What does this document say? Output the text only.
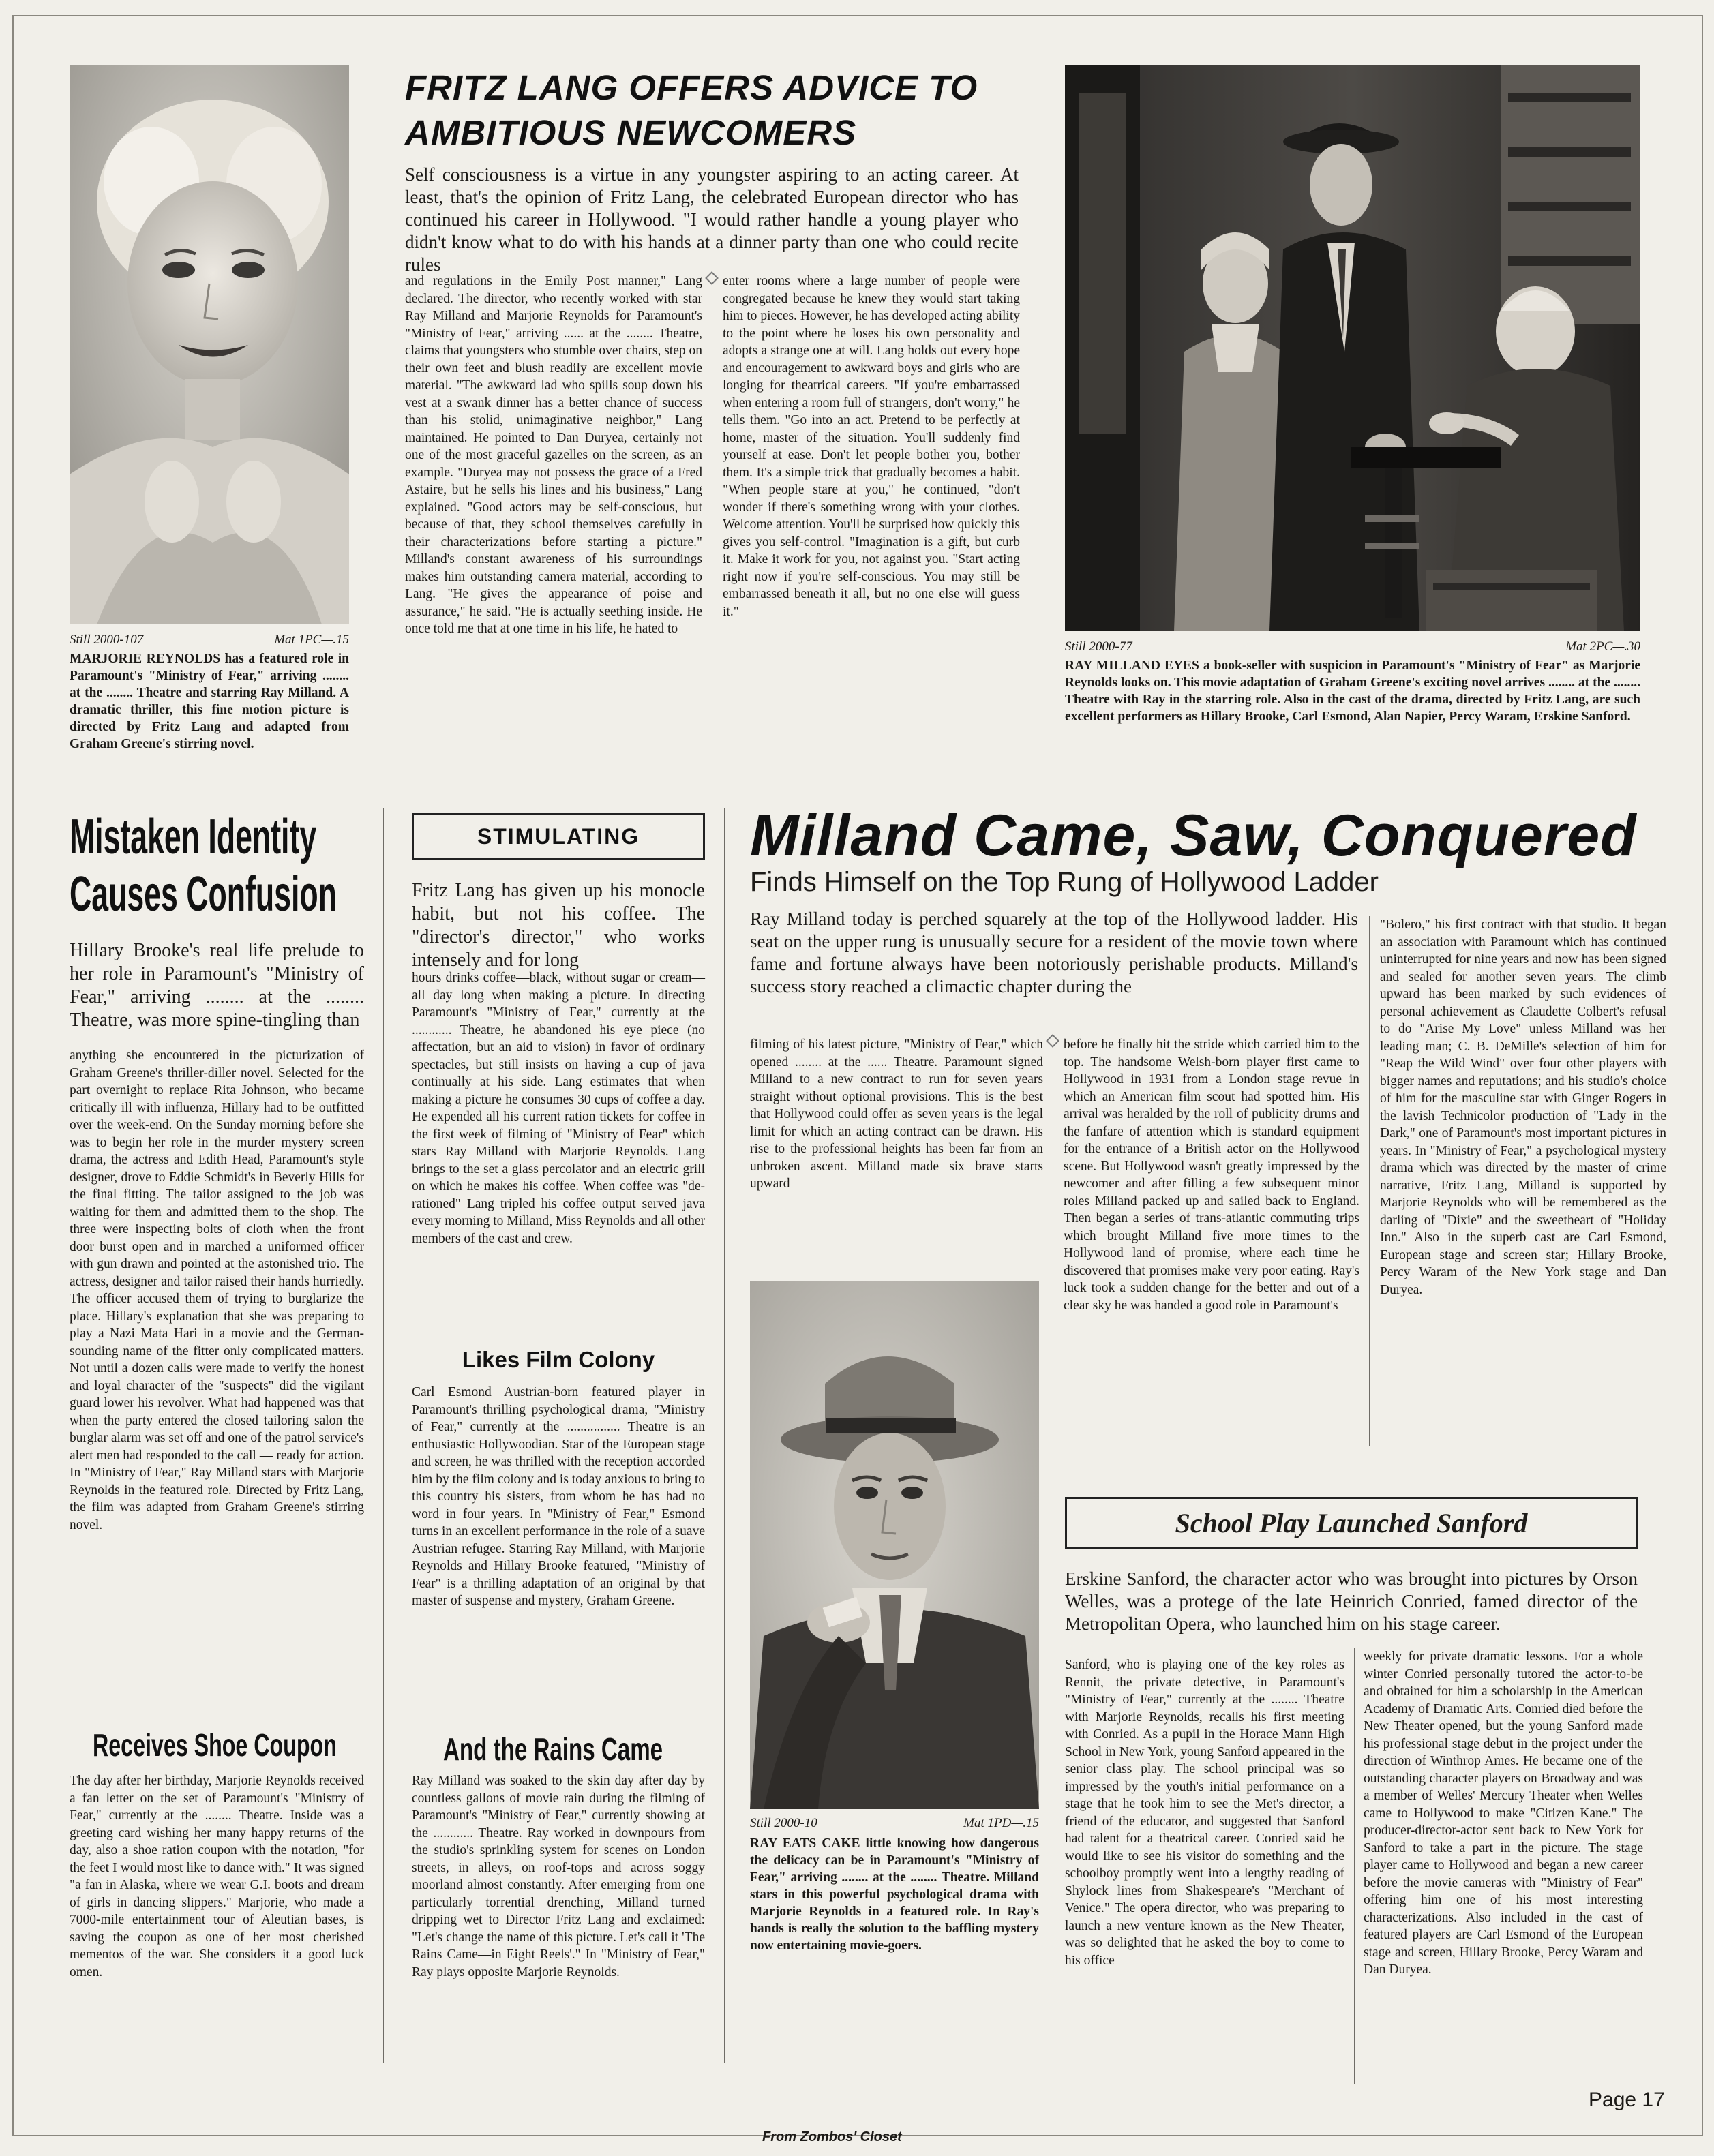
Still 2000-107	Mat 1PC—.15
MARJORIE REYNOLDS has a featured role in Paramount's "Ministry of Fear," arriving ........ at the ........ Theatre and starring Ray Milland. A dramatic thriller, this fine motion picture is directed by Fritz Lang and adapted from Graham Greene's stirring novel.
FRITZ LANG OFFERS ADVICE TO AMBITIOUS NEWCOMERS
Self consciousness is a virtue in any youngster aspiring to an acting career. At least, that's the opinion of Fritz Lang, the celebrated European director who has continued his career in Hollywood. "I would rather handle a young player who didn't know what to do with his hands at a dinner party than one who could recite rules
and regulations in the Emily Post manner," Lang declared. The director, who recently worked with star Ray Milland and Marjorie Reynolds for Paramount's "Ministry of Fear," arriving ...... at the ........ Theatre, claims that youngsters who stumble over chairs, step on their own feet and blush readily are excellent movie material. "The awkward lad who spills soup down his vest at a swank dinner has a better chance of success than his stolid, unimaginative neighbor," Lang maintained. He pointed to Dan Duryea, certainly not one of the most graceful gazelles on the screen, as an example. "Duryea may not possess the grace of a Fred Astaire, but he sells his lines and his business," Lang explained. "Good actors may be self-conscious, but because of that, they school themselves carefully in their characterizations before starting a picture." Milland's constant awareness of his surroundings makes him outstanding camera material, according to Lang. "He gives the appearance of poise and assurance," he said. "He is actually seething inside. He once told me that at one time in his life, he hated to
enter rooms where a large number of people were congregated because he knew they would start taking him to pieces. However, he has developed acting ability to the point where he loses his own personality and adopts a strange one at will. Lang holds out every hope and encouragement to awkward boys and girls who are longing for theatrical careers. "If you're embarrassed when entering a room full of strangers, don't worry," he tells them. "Go into an act. Pretend to be perfectly at home, master of the situation. You'll suddenly find yourself at ease. Don't let people bother you, bother them. It's a simple trick that gradually becomes a habit. "When people stare at you," he continued, "don't wonder if there's something wrong with your clothes. Welcome attention. You'll be surprised how quickly this gives you self-control. "Imagination is a gift, but curb it. Make it work for you, not against you. "Start acting right now if you're self-conscious. You may still be embarrassed beneath it all, but no one else will guess it."
Still 2000-77	Mat 2PC—.30
RAY MILLAND EYES a book-seller with suspicion in Paramount's "Ministry of Fear" as Marjorie Reynolds looks on. This movie adaptation of Graham Greene's exciting novel arrives ........ at the ........ Theatre with Ray in the starring role. Also in the cast of the drama, directed by Fritz Lang, are such excellent performers as Hillary Brooke, Carl Esmond, Alan Napier, Percy Waram, Erskine Sanford.
Mistaken Identity
Causes Confusion
Hillary Brooke's real life prelude to her role in Paramount's "Ministry of Fear," arriving ........ at the ........ Theatre, was more spine-tingling than
anything she encountered in the picturization of Graham Greene's thriller-diller novel. Selected for the part overnight to replace Rita Johnson, who became critically ill with influenza, Hillary had to be outfitted over the week-end. On the Sunday morning before she was to begin her role in the murder mystery screen drama, the actress and Edith Head, Paramount's style designer, drove to Eddie Schmidt's in Beverly Hills for the final fitting. The tailor assigned to the job was waiting for them and admitted them to the shop. The three were inspecting bolts of cloth when the front door burst open and in marched a uniformed officer with gun drawn and pointed at the astonished trio. The actress, designer and tailor raised their hands hurriedly. The officer accused them of trying to burglarize the place. Hillary's explanation that she was preparing to play a Nazi Mata Hari in a movie and the German-sounding name of the fitter only complicated matters. Not until a dozen calls were made to verify the honest and loyal character of the "suspects" did the vigilant guard lower his revolver. What had happened was that when the party entered the closed tailoring salon the burglar alarm was set off and one of the patrol service's alert men had responded to the call — ready for action. In "Ministry of Fear," Ray Milland stars with Marjorie Reynolds in the featured role. Directed by Fritz Lang, the film was adapted from Graham Greene's stirring novel.
Receives Shoe Coupon
The day after her birthday, Marjorie Reynolds received a fan letter on the set of Paramount's "Ministry of Fear," currently at the ........ Theatre. Inside was a greeting card wishing her many happy returns of the day, also a shoe ration coupon with the notation, "for the feet I would most like to dance with." It was signed "a fan in Alaska, where we wear G.I. boots and dream of girls in dancing slippers." Marjorie, who made a 7000-mile entertainment tour of Aleutian bases, is saving the coupon as one of her most cherished mementos of the war. She considers it a good luck omen.
STIMULATING
Fritz Lang has given up his monocle habit, but not his coffee. The "director's director," who works intensely and for long
hours drinks coffee—black, without sugar or cream—all day long when making a picture. In directing Paramount's "Ministry of Fear," currently at the ............ Theatre, he abandoned his eye piece (no affectation, but an aid to vision) in favor of ordinary spectacles, but still insists on having a cup of java continually at his side. Lang estimates that when making a picture he consumes 30 cups of coffee a day. He expended all his current ration tickets for coffee in the first week of filming of "Ministry of Fear" which stars Ray Milland with Marjorie Reynolds. Lang brings to the set a glass percolator and an electric grill on which he makes his coffee. When coffee was "de-rationed" Lang tripled his coffee output served java every morning to Milland, Miss Reynolds and all other members of the cast and crew.
Likes Film Colony
Carl Esmond Austrian-born featured player in Paramount's thrilling psychological drama, "Ministry of Fear," currently at the ................ Theatre is an enthusiastic Hollywoodian. Star of the European stage and screen, he was thrilled with the reception accorded him by the film colony and is today anxious to bring to this country his sisters, from whom he has had no word in four years. In "Ministry of Fear," Esmond turns in an excellent performance in the role of a suave Austrian refugee. Starring Ray Milland, with Marjorie Reynolds and Hillary Brooke featured, "Ministry of Fear" is a thrilling adaptation of an original by that master of suspense and mystery, Graham Greene.
And the Rains Came
Ray Milland was soaked to the skin day after day by countless gallons of movie rain during the filming of Paramount's "Ministry of Fear," currently showing at the ............ Theatre. Ray worked in downpours from the studio's sprinkling system for scenes on London streets, in alleys, on roof-tops and across soggy moorland almost constantly. After emerging from one particularly torrential drenching, Milland turned dripping wet to Director Fritz Lang and exclaimed: "Let's change the name of this picture. Let's call it 'The Rains Came—in Eight Reels'." In "Ministry of Fear," Ray plays opposite Marjorie Reynolds.
Milland Came, Saw, Conquered
Finds Himself on the Top Rung of Hollywood Ladder
Ray Milland today is perched squarely at the top of the Hollywood ladder. His seat on the upper rung is unusually secure for a resident of the movie town where fame and fortune always have been notoriously perishable products. Milland's success story reached a climactic chapter during the
filming of his latest picture, "Ministry of Fear," which opened ........ at the ...... Theatre. Paramount signed Milland to a new contract to run for seven years straight without optional provisions. This is the best that Hollywood could offer as seven years is the legal limit for which an acting contract can be drawn. His rise to the professional heights has been far from an unbroken ascent. Milland made six brave starts upward
before he finally hit the stride which carried him to the top. The handsome Welsh-born player first came to Hollywood in 1931 from a London stage revue in which an American film scout had spotted him. His arrival was heralded by the roll of publicity drums and the fanfare of attention which is standard equipment for the entrance of a British actor on the Hollywood scene. But Hollywood wasn't greatly impressed by the newcomer and after filling a few subsequent minor roles Milland packed up and sailed back to England. Then began a series of trans-atlantic commuting trips which brought Milland five more times to the Hollywood land of promise, where each time he discovered that promises make very poor eating. Ray's luck took a sudden change for the better and out of a clear sky he was handed a good role in Paramount's
"Bolero," his first contract with that studio. It began an association with Paramount which has continued uninterrupted for nine years and now has been signed and sealed for another seven years. The climb upward has been marked by such evidences of personal achievement as Claudette Colbert's refusal to do "Arise My Love" unless Milland was her leading man; C. B. DeMille's selection of him for "Reap the Wild Wind" over four other players with bigger names and reputations; and his studio's choice of him for the masculine star with Ginger Rogers in the lavish Technicolor production of "Lady in the Dark," one of Paramount's most important pictures in years. In "Ministry of Fear," a psychological mystery drama which was directed by the master of crime narrative, Fritz Lang, Milland is supported by Marjorie Reynolds who will be remembered as the darling of "Dixie" and the sweetheart of "Holiday Inn." Also in the superb cast are Carl Esmond, European stage and screen star; Hillary Brooke, Percy Waram of the New York stage and Dan Duryea.
Still 2000-10	Mat 1PD—.15
RAY EATS CAKE little knowing how dangerous the delicacy can be in Paramount's "Ministry of Fear," arriving ........ at the ........ Theatre. Milland stars in this powerful psychological drama with Marjorie Reynolds in a featured role. In Ray's hands is really the solution to the baffling mystery now entertaining movie-goers.
School Play Launched Sanford
Erskine Sanford, the character actor who was brought into pictures by Orson Welles, was a protege of the late Heinrich Conried, famed director of the Metropolitan Opera, who launched him on his stage career.
Sanford, who is playing one of the key roles as Rennit, the private detective, in Paramount's "Ministry of Fear," currently at the ........ Theatre with Marjorie Reynolds, recalls his first meeting with Conried. As a pupil in the Horace Mann High School in New York, young Sanford appeared in the senior class play. The school principal was so impressed by the youth's initial performance on a stage that he took him to see the Met's director, a friend of the educator, and suggested that Sanford had talent for a theatrical career. Conried said he would like to see his visitor do something and the schoolboy promptly went into a lengthy reading of Shylock lines from Shakespeare's "Merchant of Venice." The opera director, who was preparing to launch a new venture known as the New Theater, was so delighted that he asked the boy to come to his office
weekly for private dramatic lessons. For a whole winter Conried personally tutored the actor-to-be and obtained for him a scholarship in the American Academy of Dramatic Arts. Conried died before the New Theater opened, but the young Sanford made his professional stage debut in the project under the direction of Winthrop Ames. He became one of the outstanding character players on Broadway and was a member of Welles' Mercury Theater when Welles came to Hollywood to make "Citizen Kane." The producer-director-actor sent back to New York for Sanford to take a part in the picture. The stage player came to Hollywood and began a new career before the movie cameras with "Ministry of Fear" offering him one of his most interesting characterizations. Also included in the cast of featured players are Carl Esmond of the European stage and screen, Hillary Brooke, Percy Waram and Dan Duryea.
Page 17
From Zombos' Closet
